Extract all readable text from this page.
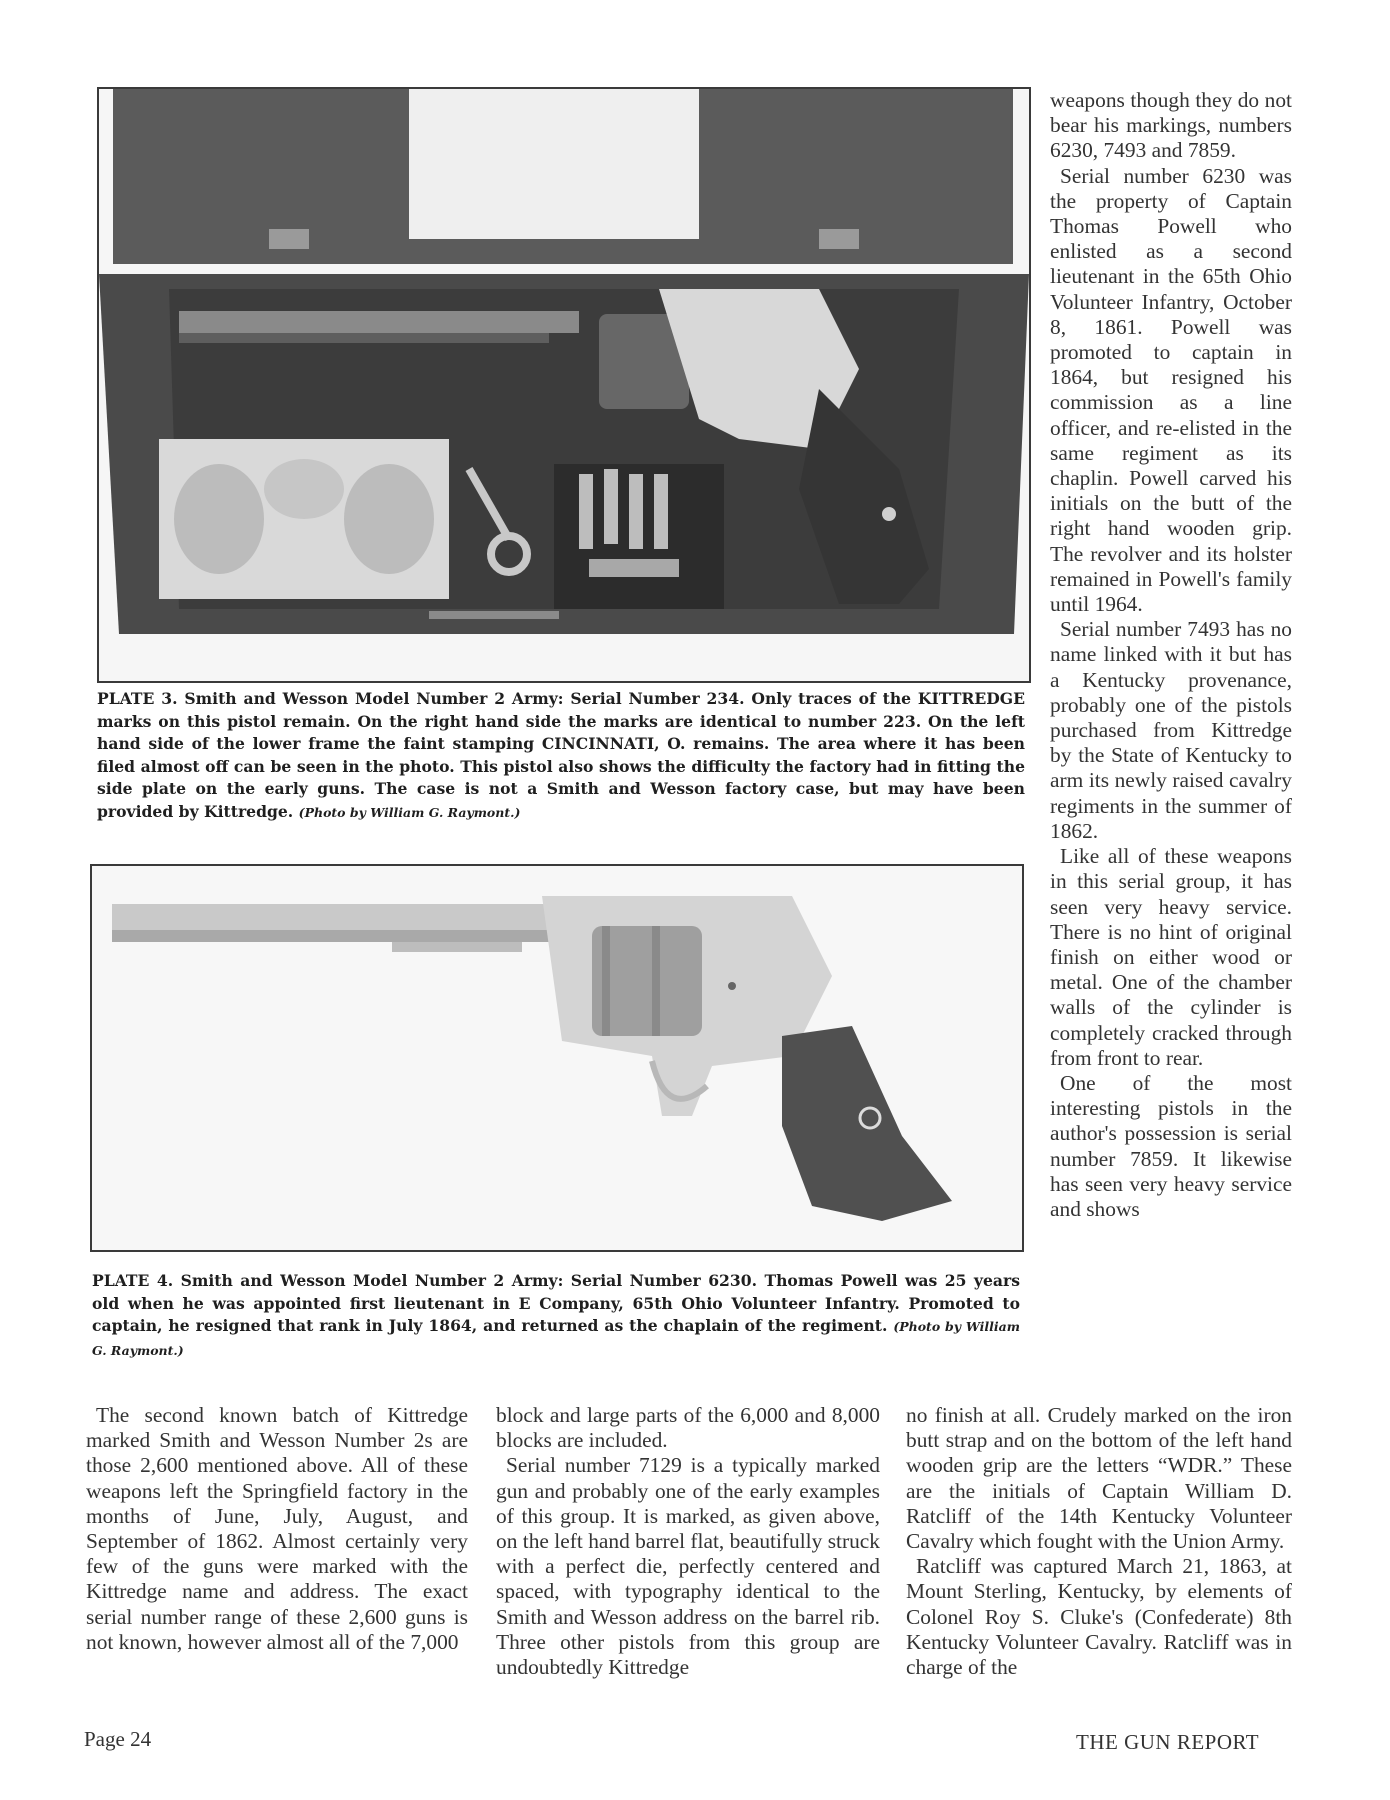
PLATE 3. Smith and Wesson Model Number 2 Army: Serial Number 234. Only traces of the KITTREDGE marks on this pistol remain. On the right hand side the marks are identical to number 223. On the left hand side of the lower frame the faint stamping CINCINNATI, O. remains. The area where it has been filed almost off can be seen in the photo. This pistol also shows the difficulty the factory had in fitting the side plate on the early guns. The case is not a Smith and Wesson factory case, but may have been provided by Kittredge. (Photo by William G. Raymont.)
PLATE 4. Smith and Wesson Model Number 2 Army: Serial Number 6230. Thomas Powell was 25 years old when he was appointed first lieutenant in E Company, 65th Ohio Volunteer Infantry. Promoted to captain, he resigned that rank in July 1864, and returned as the chaplain of the regiment. (Photo by William G. Raymont.)

weapons though they do not bear his markings, numbers 6230, 7493 and 7859.

Serial number 6230 was the property of Captain Thomas Powell who enlisted as a second lieutenant in the 65th Ohio Volunteer Infantry, October 8, 1861. Powell was promoted to captain in 1864, but resigned his commission as a line officer, and re-elisted in the same regiment as its chaplin. Powell carved his initials on the butt of the right hand wooden grip. The revolver and its holster remained in Powell's family until 1964.

Serial number 7493 has no name linked with it but has a Kentucky provenance, probably one of the pistols purchased from Kittredge by the State of Kentucky to arm its newly raised cavalry regiments in the summer of 1862.

Like all of these weapons in this serial group, it has seen very heavy service. There is no hint of original finish on either wood or metal. One of the chamber walls of the cylinder is completely cracked through from front to rear.

One of the most interesting pistols in the author's possession is serial number 7859. It likewise has seen very heavy service and shows

The second known batch of Kittredge marked Smith and Wesson Number 2s are those 2,600 mentioned above. All of these weapons left the Springfield factory in the months of June, July, August, and September of 1862. Almost certainly very few of the guns were marked with the Kittredge name and address. The exact serial number range of these 2,600 guns is not known, however almost all of the 7,000

block and large parts of the 6,000 and 8,000 blocks are included.

Serial number 7129 is a typically marked gun and probably one of the early examples of this group. It is marked, as given above, on the left hand barrel flat, beautifully struck with a perfect die, perfectly centered and spaced, with typography identical to the Smith and Wesson address on the barrel rib. Three other pistols from this group are undoubtedly Kittredge

no finish at all. Crudely marked on the iron butt strap and on the bottom of the left hand wooden grip are the letters “WDR.” These are the initials of Captain William D. Ratcliff of the 14th Kentucky Volunteer Cavalry which fought with the Union Army.

Ratcliff was captured March 21, 1863, at Mount Sterling, Kentucky, by elements of Colonel Roy S. Cluke's (Confederate) 8th Kentucky Volunteer Cavalry. Ratcliff was in charge of the

Page 24	THE GUN REPORT
